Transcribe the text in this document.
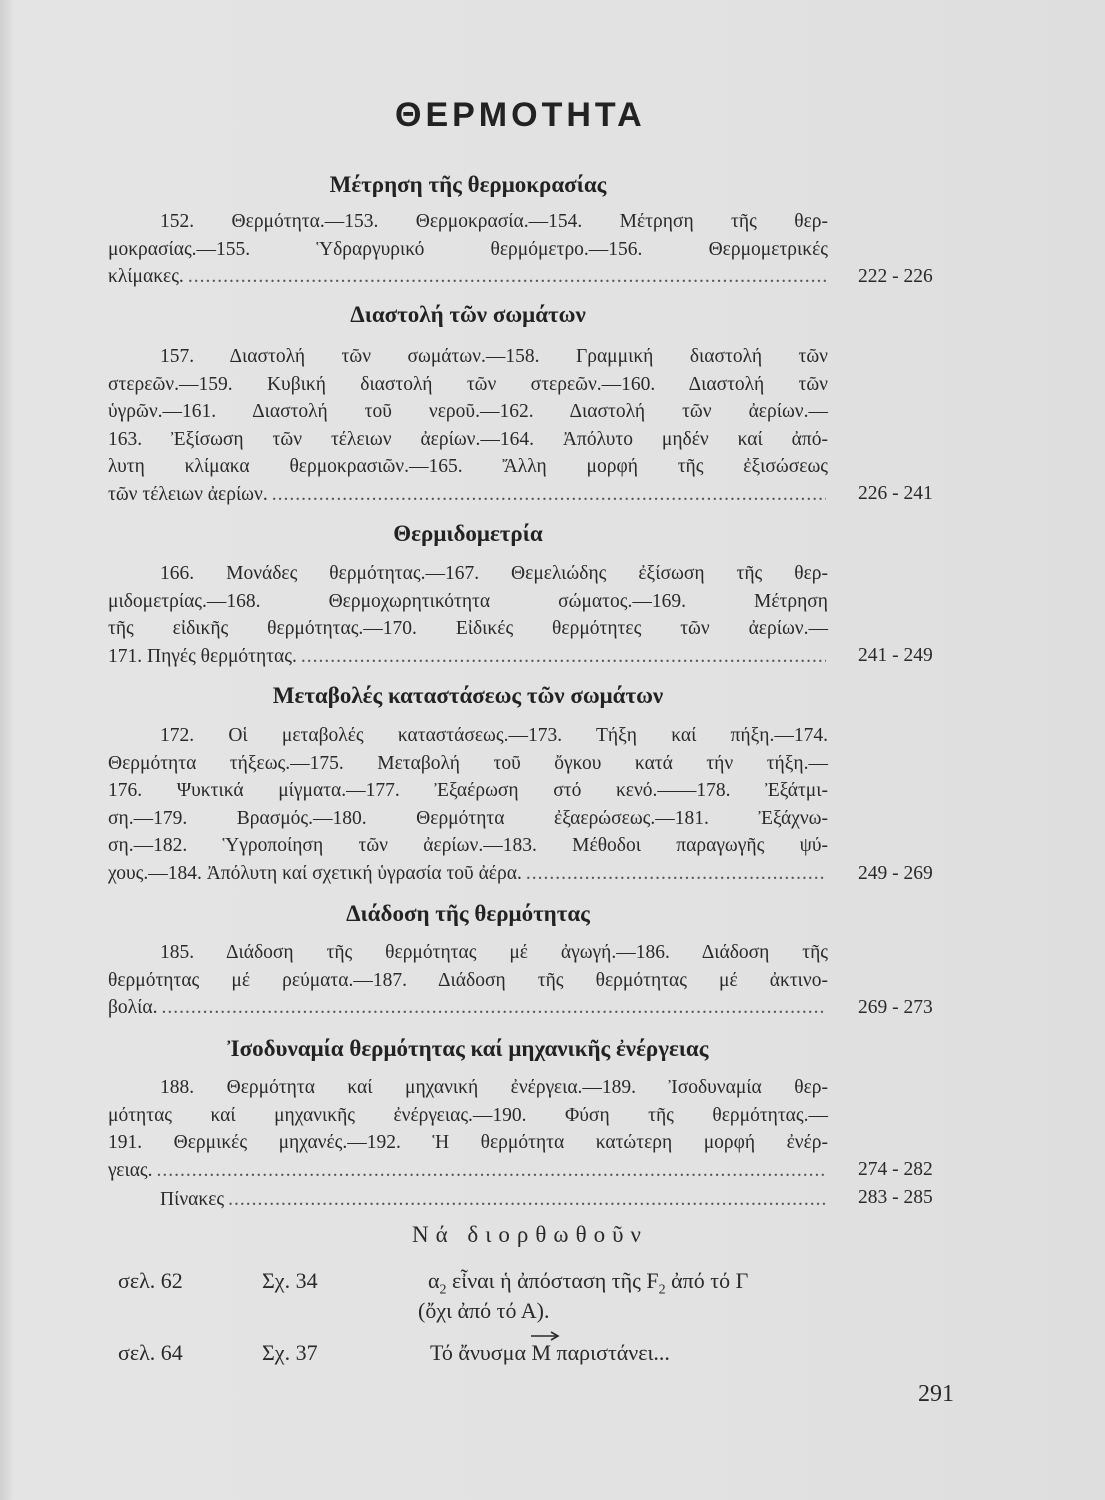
ΘΕΡΜΟΤΗΤΑ
Μέτρηση τῆς θερμοκρασίας
152. Θερμότητα.—153. Θερμοκρασία.—154. Μέτρηση τῆς θερ-
μοκρασίας.—155. Ὑδραργυρικό θερμόμετρο.—156. Θερμομετρικές
κλίμακες. .....	222 - 226
Διαστολή τῶν σωμάτων
157. Διαστολή τῶν σωμάτων.—158. Γραμμική διαστολή τῶν
στερεῶν.—159. Κυβική διαστολή τῶν στερεῶν.—160. Διαστολή τῶν
ὑγρῶν.—161. Διαστολή τοῦ νεροῦ.—162. Διαστολή τῶν ἀερίων.—
163. Ἐξίσωση τῶν τέλειων ἀερίων.—164. Ἀπόλυτο μηδέν καί ἀπό-
λυτη κλίμακα θερμοκρασιῶν.—165. Ἄλλη μορφή τῆς ἐξισώσεως
τῶν τέλειων ἀερίων. .....	226 - 241
Θερμιδομετρία
166. Μονάδες θερμότητας.—167. Θεμελιώδης ἐξίσωση τῆς θερ-
μιδομετρίας.—168. Θερμοχωρητικότητα σώματος.—169. Μέτρηση
τῆς εἰδικῆς θερμότητας.—170. Εἰδικές θερμότητες τῶν ἀερίων.—
171. Πηγές θερμότητας. .....	241 - 249
Μεταβολές καταστάσεως τῶν σωμάτων
172. Οἱ μεταβολές καταστάσεως.—173. Τήξη καί πήξη.—174.
Θερμότητα τήξεως.—175. Μεταβολή τοῦ ὄγκου κατά τήν τήξη.—
176. Ψυκτικά μίγματα.—177. Ἐξαέρωση στό κενό.——178. Ἐξάτμι-
ση.—179. Βρασμός.—180. Θερμότητα ἐξαερώσεως.—181. Ἐξάχνω-
ση.—182. Ὑγροποίηση τῶν ἀερίων.—183. Μέθοδοι παραγωγῆς ψύ-
χους.—184. Ἀπόλυτη καί σχετική ὑγρασία τοῦ ἀέρα. .....	249 - 269
Διάδοση τῆς θερμότητας
185. Διάδοση τῆς θερμότητας μέ ἀγωγή.—186. Διάδοση τῆς
θερμότητας μέ ρεύματα.—187. Διάδοση τῆς θερμότητας μέ ἀκτινο-
βολία. .....	269 - 273
Ἰσοδυναμία θερμότητας καί μηχανικῆς ἐνέργειας
188. Θερμότητα καί μηχανική ἐνέργεια.—189. Ἰσοδυναμία θερ-
μότητας καί μηχανικῆς ἐνέργειας.—190. Φύση τῆς θερμότητας.—
191. Θερμικές μηχανές.—192. Ἡ θερμότητα κατώτερη μορφή ἐνέρ-
γειας. .....	274 - 282
Πίνακες .....	283 - 285
Νά διορθωθοῦν
σελ. 62	Σχ. 34	$\alpha_2$ εἶναι ἡ ἀπόσταση τῆς $F_2$ ἀπό τό Γ
(ὄχι ἀπό τό Α).
σελ. 64	Σχ. 37	Τό ἄνυσμα
M παριστάνει...
291
